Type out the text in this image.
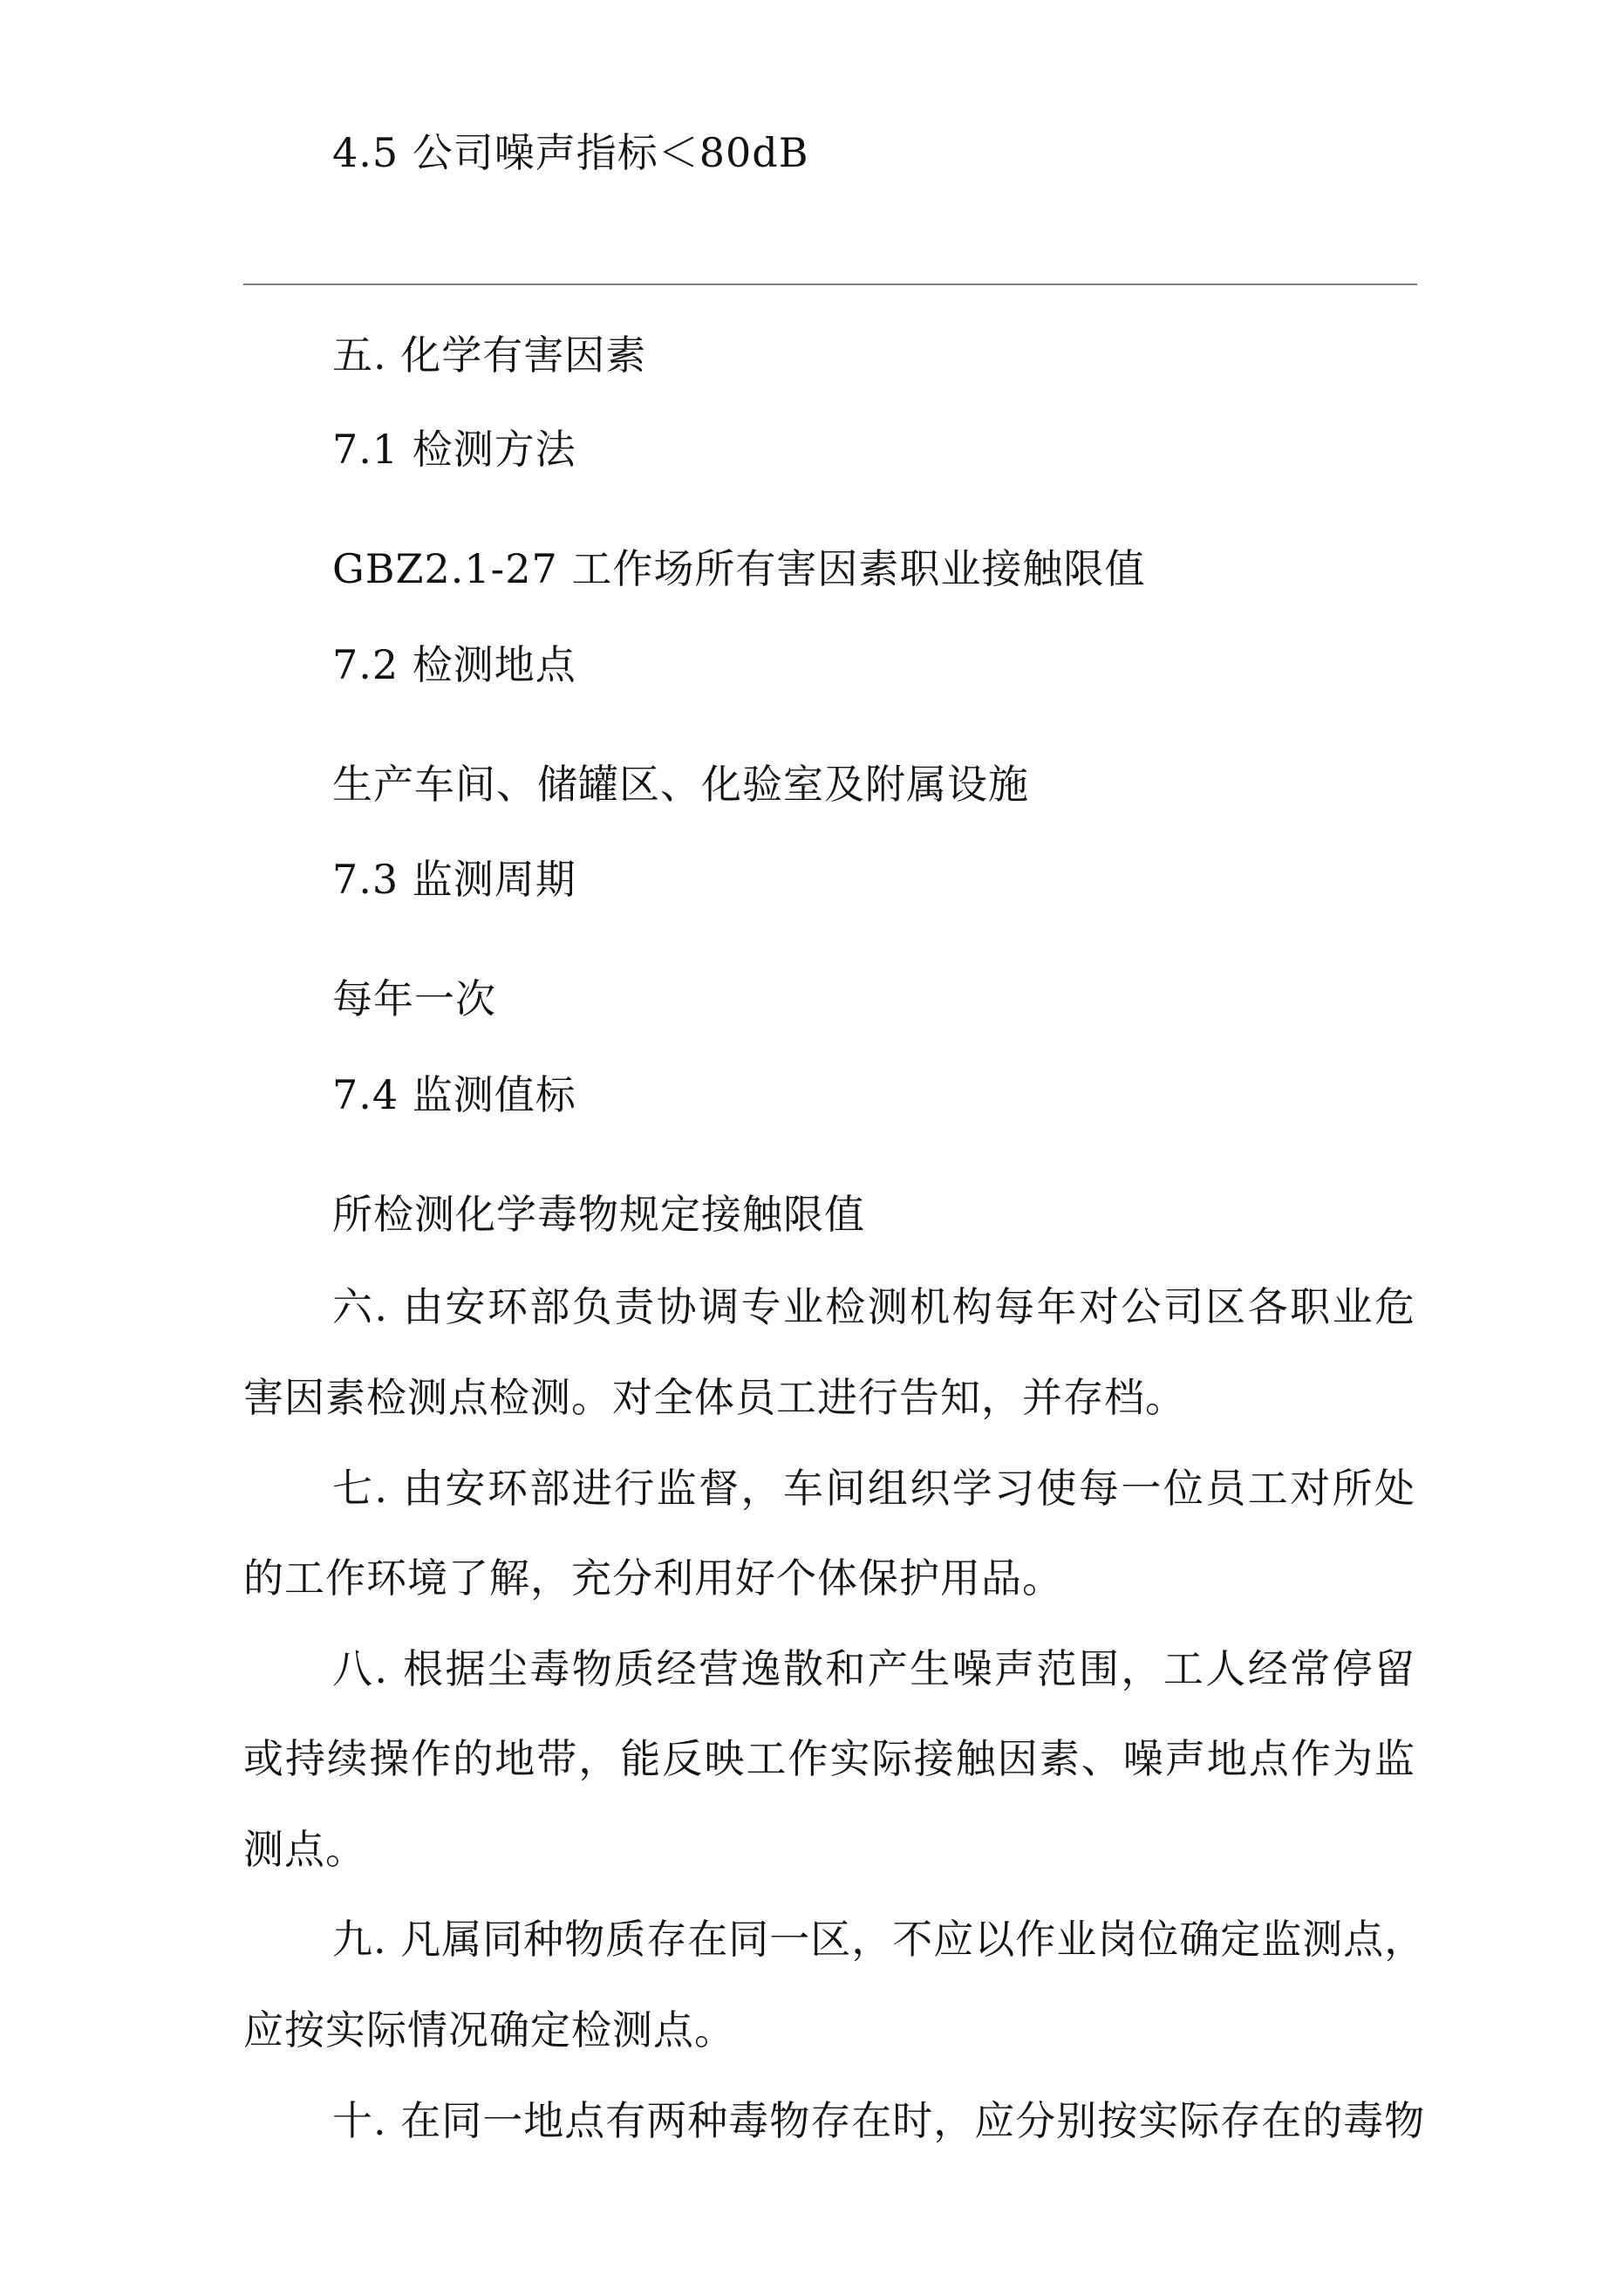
4.5 公司噪声指标＜80dB
五. 化学有害因素
7.1 检测方法
GBZ2.1-27 工作场所有害因素职业接触限值
7.2 检测地点
生产车间、储罐区、化验室及附属设施
7.3 监测周期
每年一次
7.4 监测值标
所检测化学毒物规定接触限值
六. 由安环部负责协调专业检测机构每年对公司区各职业危
害因素检测点检测。对全体员工进行告知，并存档。
七. 由安环部进行监督，车间组织学习使每一位员工对所处
的工作环境了解，充分利用好个体保护用品。
八. 根据尘毒物质经营逸散和产生噪声范围，工人经常停留
或持续操作的地带，能反映工作实际接触因素、噪声地点作为监
测点。
九. 凡属同种物质存在同一区，不应以作业岗位确定监测点，
应按实际情况确定检测点。
十. 在同一地点有两种毒物存在时，应分别按实际存在的毒物
